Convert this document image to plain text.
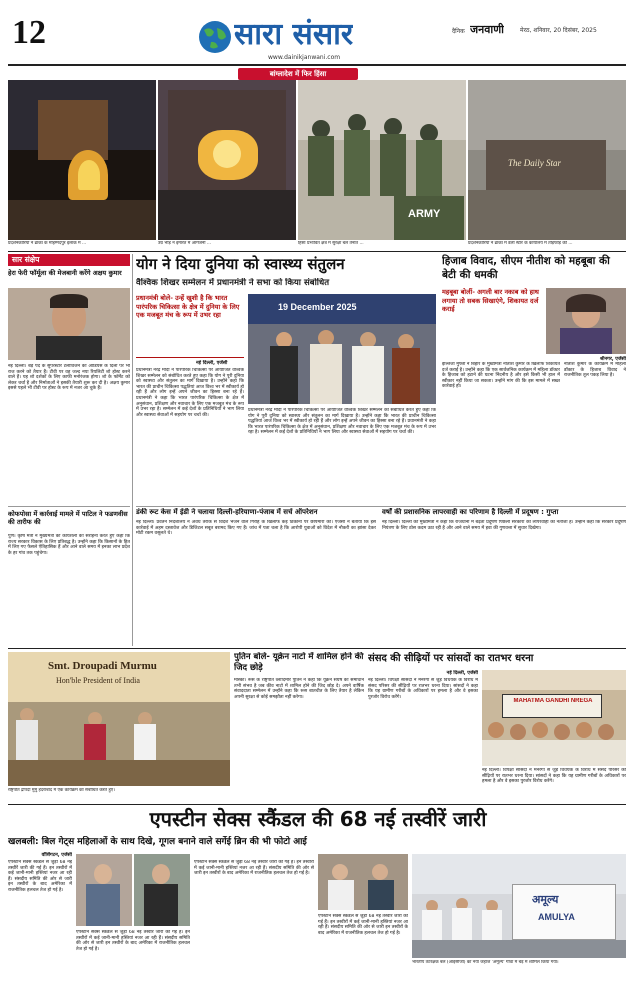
12	सारा संसार
www.dainikjanwani.com
दैनिक जनवाणी	मेरठ, शनिवार, 20 दिसंबर, 2025
बांग्लादेश में फिर हिंसा
ARMY
The Daily Star
प्रदर्शनकारियों ने ढाका के मोहम्मदपुर इलाके में ...	उग्र भीड़ ने इमारत में आगजनी ...	हिंसा प्रभावित क्षेत्र में सुरक्षा बल तैनात ...	प्रदर्शनकारियों ने ढाका में डेली स्टार के कार्यालय में तोड़फोड़ की ...
सार संक्षेप
हेरा फेरी फॉर्मूला की मेजबानी करेंगे अक्षय कुमार
नई दिल्ली। बड़े पर्दे के सुपरस्टार टेलीविजन की ऑडियंस के दिलों पर भी राज करने को तैयार हैं। टीवी पर वह जल्द नया रियलिटी शो होस्ट करने वाले हैं। यह शो दर्शकों के लिए काफी मनोरंजक होगा। शो के फॉर्मेट को लेकर चर्चा है और निर्माताओं ने इसकी तैयारी शुरू कर दी है। अक्षय कुमार इससे पहले भी टीवी पर होस्ट के रूप में नजर आ चुके हैं।
कोफपोसा में कार्रवाई मामले में पाटिल ने फडणवीस की तारीफ की
पुणे। कृषि मंत्री ने मुख्यमंत्री की कार्यशैली की सराहना करते हुए कहा कि राज्य सरकार विकास के लिए प्रतिबद्ध है। उन्होंने कहा कि किसानों के हित में लिए गए फैसले ऐतिहासिक हैं और आने वाले समय में इनका लाभ प्रदेश के हर गांव तक पहुंचेगा।
योग ने दिया दुनिया को स्वास्थ्य संतुलन
वैश्विक शिखर सम्मेलन में प्रधानमंत्री ने सभा को किया संबोधित
प्रधानमंत्री बोले- उन्हें खुशी है कि भारत पारंपरिक चिकित्सा के क्षेत्र में दुनिया के लिए एक मजबूत मंच के रूप में उभर रहा
नई दिल्ली, एजेंसी
प्रधानमंत्री नरेंद्र मोदी ने पारंपरिक चिकित्सा पर आयोजित वैश्विक शिखर सम्मेलन को संबोधित करते हुए कहा कि योग ने पूरी दुनिया को स्वास्थ्य और संतुलन का मार्ग दिखाया है। उन्होंने कहा कि भारत की प्राचीन चिकित्सा पद्धतियां आज विश्व भर में स्वीकार्य हो रही हैं और लोग इन्हें अपने जीवन का हिस्सा बना रहे हैं। प्रधानमंत्री ने कहा कि भारत पारंपरिक चिकित्सा के क्षेत्र में अनुसंधान, प्रशिक्षण और नवाचार के लिए एक मजबूत मंच के रूप में उभर रहा है। सम्मेलन में कई देशों के प्रतिनिधियों ने भाग लिया और स्वास्थ्य सेवाओं में सहयोग पर चर्चा की।
19 December 2025
प्रधानमंत्री नरेंद्र मोदी ने पारंपरिक चिकित्सा पर आयोजित वैश्विक शिखर सम्मेलन को संबोधित करते हुए कहा कि योग ने पूरी दुनिया को स्वास्थ्य और संतुलन का मार्ग दिखाया है। उन्होंने कहा कि भारत की प्राचीन चिकित्सा पद्धतियां आज विश्व भर में स्वीकार्य हो रही हैं और लोग इन्हें अपने जीवन का हिस्सा बना रहे हैं। प्रधानमंत्री ने कहा कि भारत पारंपरिक चिकित्सा के क्षेत्र में अनुसंधान, प्रशिक्षण और नवाचार के लिए एक मजबूत मंच के रूप में उभर रहा है। सम्मेलन में कई देशों के प्रतिनिधियों ने भाग लिया और स्वास्थ्य सेवाओं में सहयोग पर चर्चा की।
हिजाब विवाद, सीएम नीतीश को महबूबा की बेटी की धमकी
महबूबा बोलीं- अगली बार नकाब को हाथ लगाया तो सबक सिखाएंगे, शिकायत दर्ज कराई
श्रीनगर, एजेंसी
इल्तिजा मुफ्ती ने बिहार के मुख्यमंत्री नीतीश कुमार के खिलाफ शिकायत दर्ज कराई है। उन्होंने कहा कि एक सार्वजनिक कार्यक्रम में महिला डॉक्टर के हिजाब को हटाने की घटना निंदनीय है और इसे किसी भी हाल में स्वीकार नहीं किया जा सकता। उन्होंने मांग की कि इस मामले में सख्त कार्रवाई हो।
नीतीश कुमार के कार्यक्रम में महिला डॉक्टर के हिजाब विवाद ने राजनीतिक तूल पकड़ लिया है।
डंकी रूट केस में ईडी ने चलाया दिल्ली-हरियाणा-पंजाब में सर्च ऑपरेशन
नई दिल्ली। प्रवर्तन निदेशालय ने अवैध तरीके से विदेश भेजने वाले गिरोह के खिलाफ कई ठिकानों पर छापेमारी की। एजेंसी ने बताया कि इस कार्रवाई में अहम दस्तावेज और डिजिटल सबूत बरामद किए गए हैं। जांच में पता चला है कि आरोपी युवाओं को विदेश में नौकरी का झांसा देकर मोटी रकम वसूलते थे।
वर्षों की प्रशासनिक लापरवाही का परिणाम है दिल्ली में प्रदूषण : गुप्ता
नई दिल्ली। दिल्ली की मुख्यमंत्री ने कहा कि राजधानी में बढ़ता प्रदूषण पिछली सरकारों की लापरवाही का नतीजा है। उन्होंने कहा कि सरकार प्रदूषण नियंत्रण के लिए ठोस कदम उठा रही है और आने वाले समय में हवा की गुणवत्ता में सुधार दिखेगा।
Smt. Droupadi Murmu
Hon'ble President of India
राष्ट्रपति द्रौपदी मुर्मु हैदराबाद में एक कार्यक्रम को संबोधित करते हुए।
पुतिन बोले- यूक्रेन नाटो में शामिल होने की जिद छोड़े
मॉस्को। रूस के राष्ट्रपति व्लादिमीर पुतिन ने कहा कि यूक्रेन संघर्ष का समाधान तभी संभव है जब कीव नाटो में शामिल होने की जिद छोड़ दे। अपने वार्षिक संवाददाता सम्मेलन में उन्होंने कहा कि रूस बातचीत के लिए तैयार है लेकिन अपनी सुरक्षा से कोई समझौता नहीं करेगा।
संसद की सीढ़ियों पर सांसदों का रातभर धरना
नई दिल्ली, एजेंसी
नई दिल्ली। विपक्षी सांसदों ने मनरेगा से जुड़े विधेयक के विरोध में संसद परिसर की सीढ़ियों पर रातभर धरना दिया। सांसदों ने कहा कि यह ग्रामीण गरीबों के अधिकारों पर हमला है और वे इसका पुरजोर विरोध करेंगे।
MAHATMA GANDHI NREGA
नई दिल्ली। विपक्षी सांसदों ने मनरेगा से जुड़े विधेयक के विरोध में संसद परिसर की सीढ़ियों पर रातभर धरना दिया। सांसदों ने कहा कि यह ग्रामीण गरीबों के अधिकारों पर हमला है और वे इसका पुरजोर विरोध करेंगे।
एपस्टीन सेक्स स्कैंडल की 68 नई तस्वीरें जारी
खलबली: बिल गेट्स महिलाओं के साथ दिखे, गूगल बनाने वाले सर्गेई ब्रिन की भी फोटो आई
वॉशिंगटन, एजेंसी
एपस्टीन सेक्स स्कैंडल से जुड़ी 68 नई तस्वीरें जारी की गई हैं। इन तस्वीरों में कई जानी-मानी हस्तियां नजर आ रही हैं। संसदीय समिति की ओर से जारी इन तस्वीरों के बाद अमेरिका में राजनीतिक हलचल तेज हो गई है।
एपस्टीन सेक्स स्कैंडल से जुड़ी 68 नई तस्वीरें जारी की गई हैं। इन तस्वीरों में कई जानी-मानी हस्तियां नजर आ रही हैं। संसदीय समिति की ओर से जारी इन तस्वीरों के बाद अमेरिका में राजनीतिक हलचल तेज हो गई है।
एपस्टीन सेक्स स्कैंडल से जुड़ी 68 नई तस्वीरें जारी की गई हैं। इन तस्वीरों में कई जानी-मानी हस्तियां नजर आ रही हैं। संसदीय समिति की ओर से जारी इन तस्वीरों के बाद अमेरिका में राजनीतिक हलचल तेज हो गई है।
एपस्टीन सेक्स स्कैंडल से जुड़ी 68 नई तस्वीरें जारी की गई हैं। इन तस्वीरों में कई जानी-मानी हस्तियां नजर आ रही हैं। संसदीय समिति की ओर से जारी इन तस्वीरों के बाद अमेरिका में राजनीतिक हलचल तेज हो गई है।
अमूल्य
AMULYA
भारतीय तटरक्षक बल (आईसीजी) का नया जहाज 'अमूल्य' गोवा में बेड़े में शामिल किया गया।
